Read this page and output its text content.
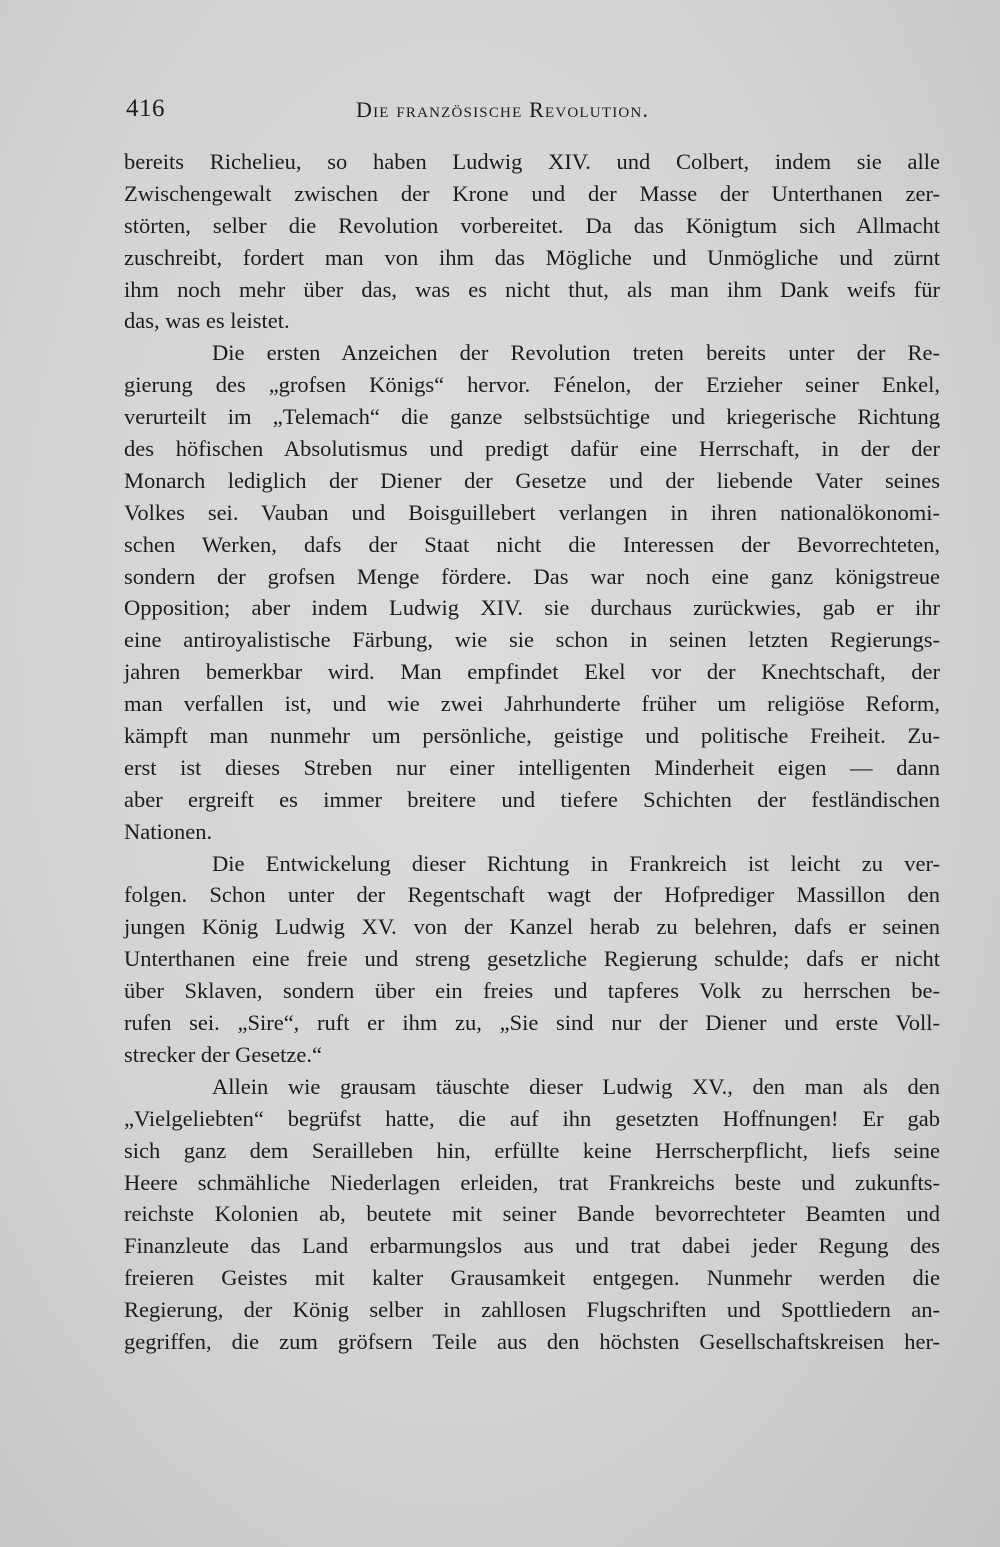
416	Die französische Revolution.
bereits Richelieu, so haben Ludwig XIV. und Colbert, indem sie alle
Zwischengewalt zwischen der Krone und der Masse der Unterthanen zer-
störten, selber die Revolution vorbereitet. Da das Königtum sich Allmacht
zuschreibt, fordert man von ihm das Mögliche und Unmögliche und zürnt
ihm noch mehr über das, was es nicht thut, als man ihm Dank weifs für
das, was es leistet.
Die ersten Anzeichen der Revolution treten bereits unter der Re-
gierung des „grofsen Königs“ hervor. Fénelon, der Erzieher seiner Enkel,
verurteilt im „Telemach“ die ganze selbstsüchtige und kriegerische Richtung
des höfischen Absolutismus und predigt dafür eine Herrschaft, in der der
Monarch lediglich der Diener der Gesetze und der liebende Vater seines
Volkes sei. Vauban und Boisguillebert verlangen in ihren nationalökonomi-
schen Werken, dafs der Staat nicht die Interessen der Bevorrechteten,
sondern der grofsen Menge fördere. Das war noch eine ganz königstreue
Opposition; aber indem Ludwig XIV. sie durchaus zurückwies, gab er ihr
eine antiroyalistische Färbung, wie sie schon in seinen letzten Regierungs-
jahren bemerkbar wird. Man empfindet Ekel vor der Knechtschaft, der
man verfallen ist, und wie zwei Jahrhunderte früher um religiöse Reform,
kämpft man nunmehr um persönliche, geistige und politische Freiheit. Zu-
erst ist dieses Streben nur einer intelligenten Minderheit eigen — dann
aber ergreift es immer breitere und tiefere Schichten der festländischen
Nationen.
Die Entwickelung dieser Richtung in Frankreich ist leicht zu ver-
folgen. Schon unter der Regentschaft wagt der Hofprediger Massillon den
jungen König Ludwig XV. von der Kanzel herab zu belehren, dafs er seinen
Unterthanen eine freie und streng gesetzliche Regierung schulde; dafs er nicht
über Sklaven, sondern über ein freies und tapferes Volk zu herrschen be-
rufen sei. „Sire“, ruft er ihm zu, „Sie sind nur der Diener und erste Voll-
strecker der Gesetze.“
Allein wie grausam täuschte dieser Ludwig XV., den man als den
„Vielgeliebten“ begrüfst hatte, die auf ihn gesetzten Hoffnungen! Er gab
sich ganz dem Serailleben hin, erfüllte keine Herrscherpflicht, liefs seine
Heere schmähliche Niederlagen erleiden, trat Frankreichs beste und zukunfts-
reichste Kolonien ab, beutete mit seiner Bande bevorrechteter Beamten und
Finanzleute das Land erbarmungslos aus und trat dabei jeder Regung des
freieren Geistes mit kalter Grausamkeit entgegen. Nunmehr werden die
Regierung, der König selber in zahllosen Flugschriften und Spottliedern an-
gegriffen, die zum gröfsern Teile aus den höchsten Gesellschaftskreisen her-
